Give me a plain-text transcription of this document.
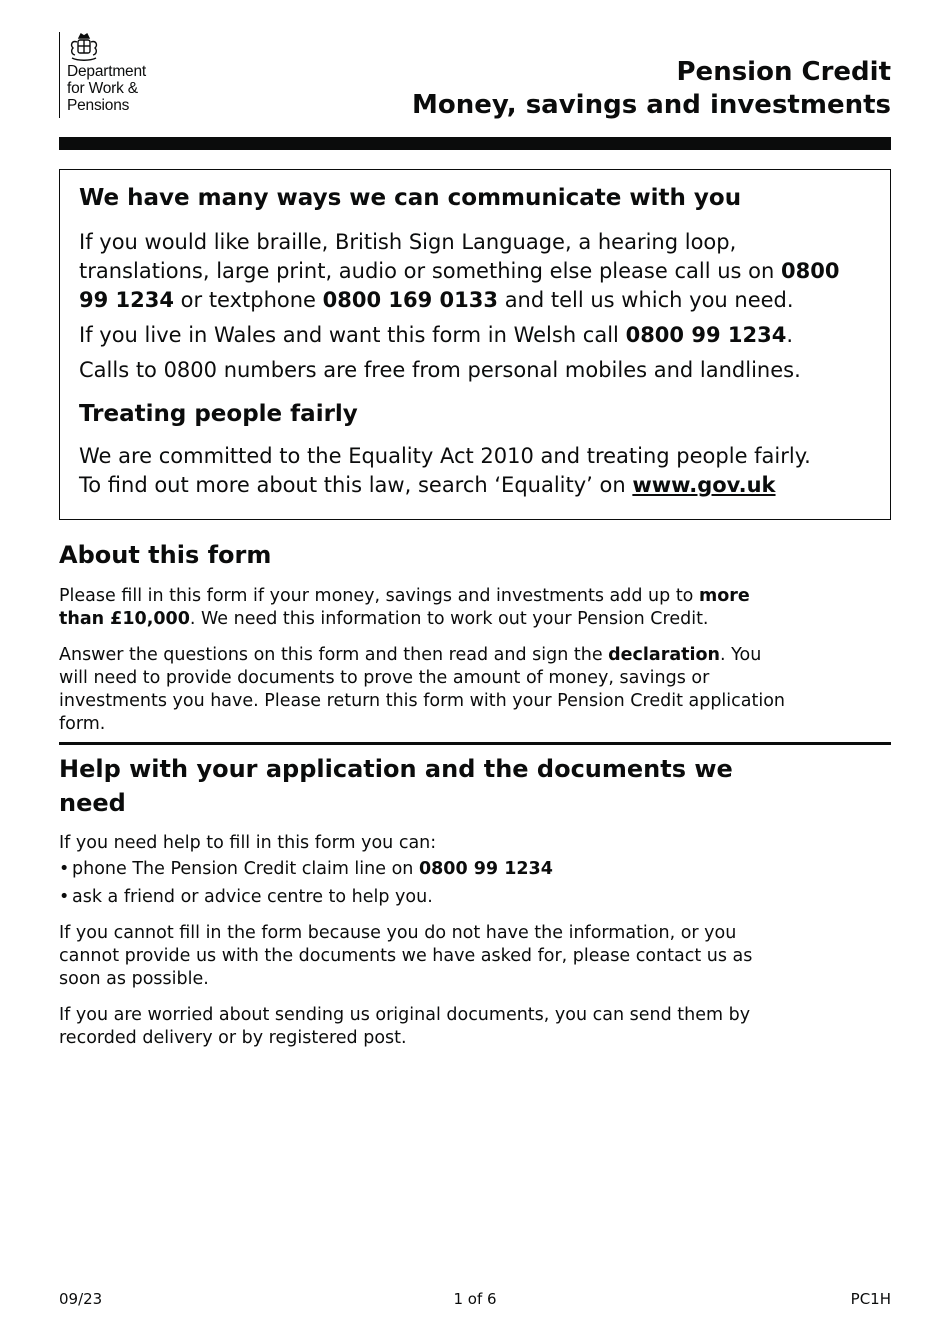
Department
for Work &
Pensions
Pension Credit
Money, savings and investments
We have many ways we can communicate with you

If you would like braille, British Sign Language, a hearing loop, translations, large print, audio or something else please call us on 0800 99 1234 or textphone 0800 169 0133 and tell us which you need.

If you live in Wales and want this form in Welsh call 0800 99 1234.

Calls to 0800 numbers are free from personal mobiles and landlines.

Treating people fairly

We are committed to the Equality Act 2010 and treating people fairly.
To find out more about this law, search ‘Equality’ on www.gov.uk

About this form

Please fill in this form if your money, savings and investments add up to more than £10,000. We need this information to work out your Pension Credit.

Answer the questions on this form and then read and sign the declaration. You will need to provide documents to prove the amount of money, savings or investments you have. Please return this form with your Pension Credit application form.

Help with your application and the documents we need

If you need help to fill in this form you can:

• phone The Pension Credit claim line on 0800 99 1234
• ask a friend or advice centre to help you.

If you cannot fill in the form because you do not have the information, or you cannot provide us with the documents we have asked for, please contact us as soon as possible.

If you are worried about sending us original documents, you can send them by recorded delivery or by registered post.

09/23	1 of 6	PC1H
